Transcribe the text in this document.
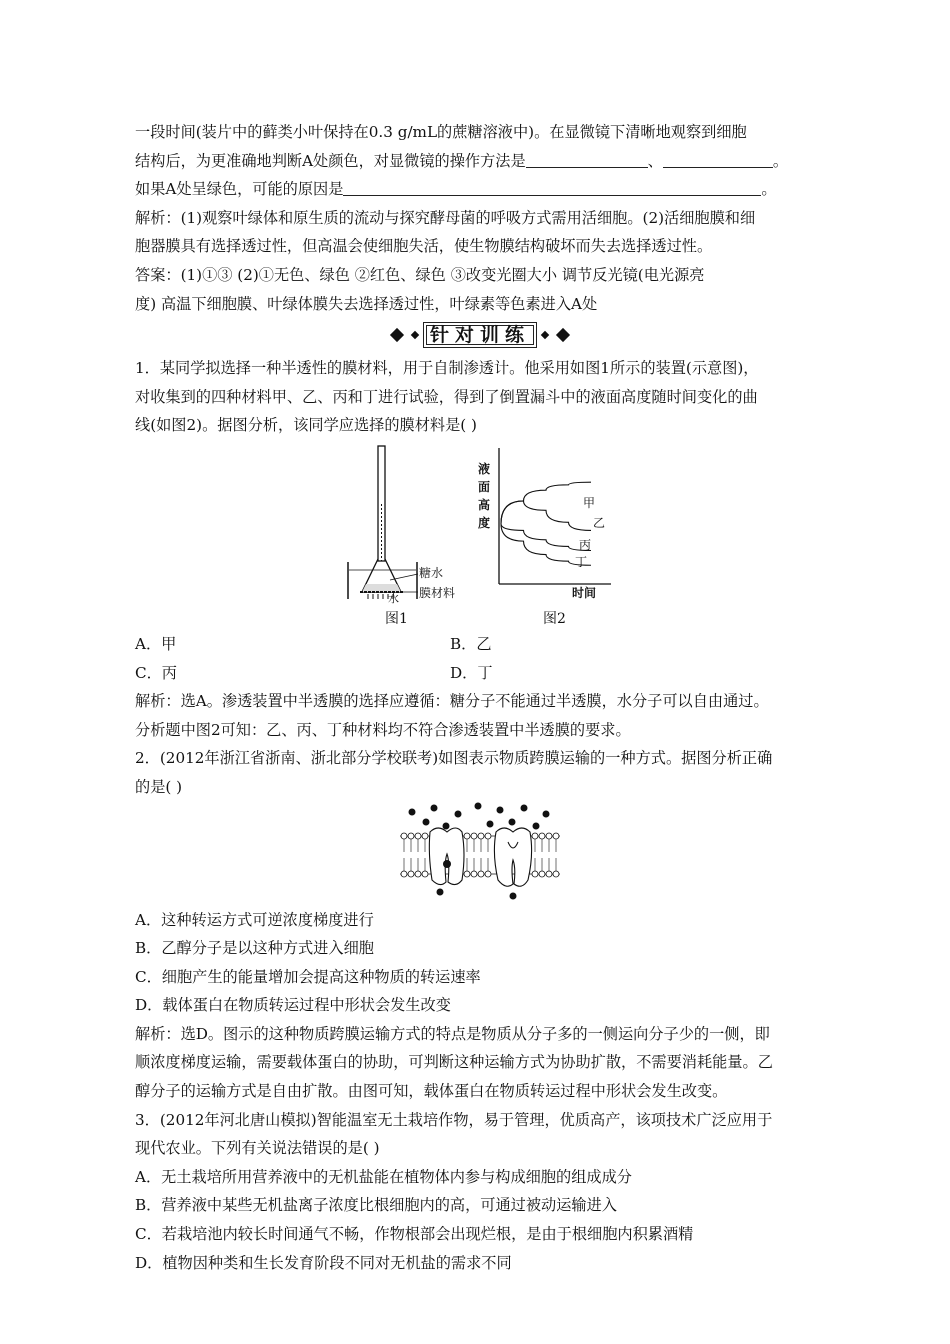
一段时间(装片中的藓类小叶保持在0.3 g/mL的蔗糖溶液中)。在显微镜下清晰地观察到细胞
结构后，为更准确地判断A处颜色，对显微镜的操作方法是	、	。
如果A处呈绿色，可能的原因是	。
解析：(1)观察叶绿体和原生质的流动与探究酵母菌的呼吸方式需用活细胞。(2)活细胞膜和细
胞器膜具有选择透过性，但高温会使细胞失活，使生物膜结构破坏而失去选择透过性。
答案：(1)①③ (2)①无色、绿色 ②红色、绿色 ③改变光圈大小 调节反光镜(电光源亮
度) 高温下细胞膜、叶绿体膜失去选择透过性，叶绿素等色素进入A处
针对训练
1．某同学拟选择一种半透性的膜材料，用于自制渗透计。他采用如图1所示的装置(示意图)，
对收集到的四种材料甲、乙、丙和丁进行试验，得到了倒置漏斗中的液面高度随时间变化的曲
线(如图2)。据图分析，该同学应选择的膜材料是( )
糖水
膜材料
水
图1
液
面
高
度
甲
乙
丙
丁
时间
图2
A．甲	B．乙
C．丙	D．丁
解析：选A。渗透装置中半透膜的选择应遵循：糖分子不能通过半透膜，水分子可以自由通过。
分析题中图2可知：乙、丙、丁种材料均不符合渗透装置中半透膜的要求。
2．(2012年浙江省浙南、浙北部分学校联考)如图表示物质跨膜运输的一种方式。据图分析正确
的是( )
A．这种转运方式可逆浓度梯度进行
B．乙醇分子是以这种方式进入细胞
C．细胞产生的能量增加会提高这种物质的转运速率
D．载体蛋白在物质转运过程中形状会发生改变
解析：选D。图示的这种物质跨膜运输方式的特点是物质从分子多的一侧运向分子少的一侧，即
顺浓度梯度运输，需要载体蛋白的协助，可判断这种运输方式为协助扩散，不需要消耗能量。乙
醇分子的运输方式是自由扩散。由图可知，载体蛋白在物质转运过程中形状会发生改变。
3．(2012年河北唐山模拟)智能温室无土栽培作物，易于管理，优质高产，该项技术广泛应用于
现代农业。下列有关说法错误的是( )
A．无土栽培所用营养液中的无机盐能在植物体内参与构成细胞的组成成分
B．营养液中某些无机盐离子浓度比根细胞内的高，可通过被动运输进入
C．若栽培池内较长时间通气不畅，作物根部会出现烂根，是由于根细胞内积累酒精
D．植物因种类和生长发育阶段不同对无机盐的需求不同
